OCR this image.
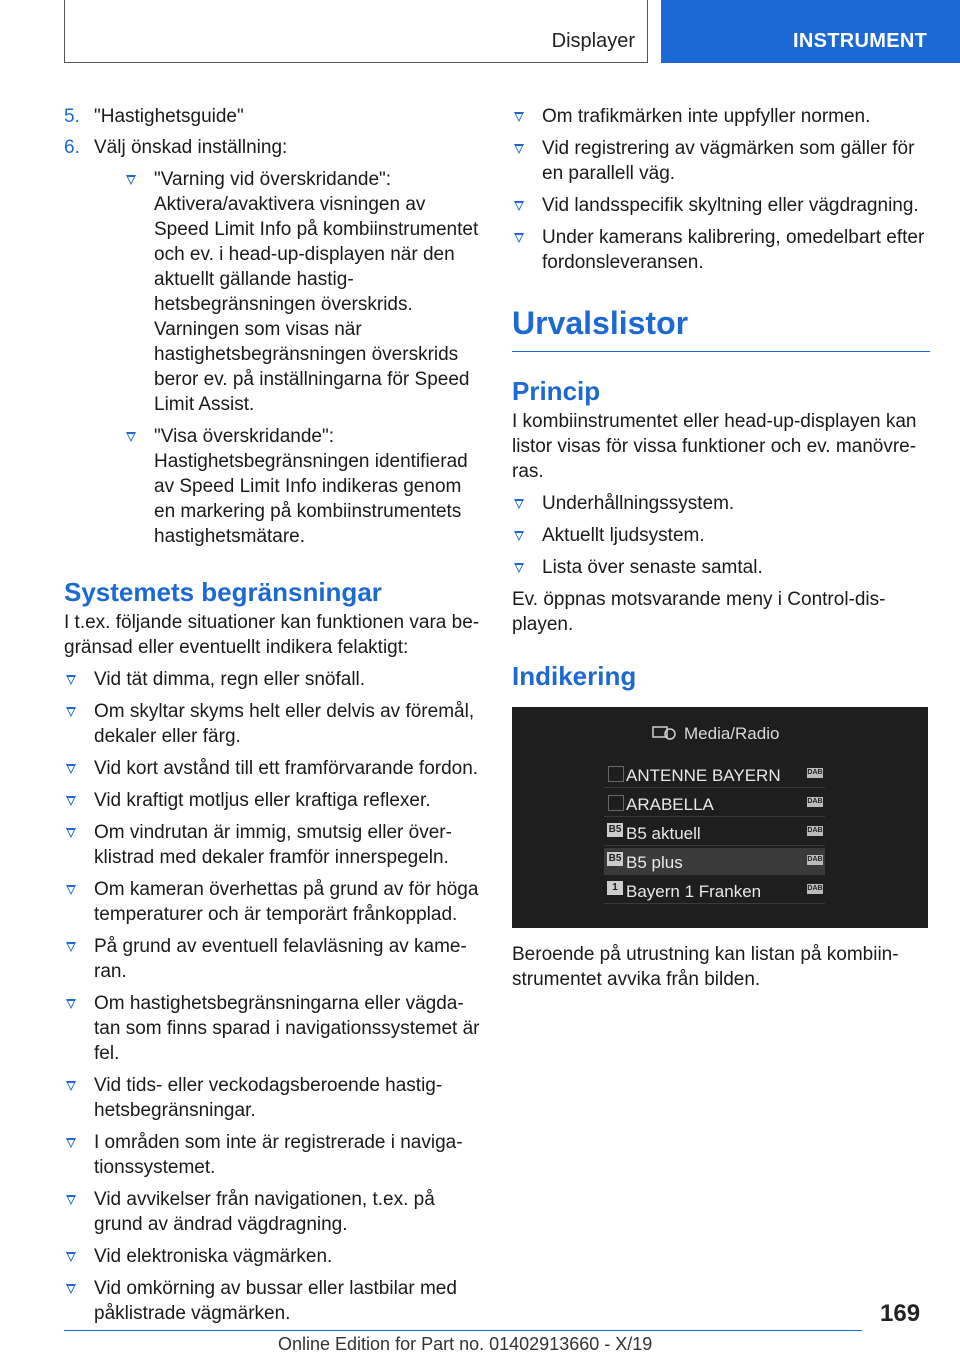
Displayer	INSTRUMENT
5. "Hastighetsguide"
6. Välj önskad inställning:
"Varning vid överskridande": Aktivera/avaktivera visningen av Speed Limit Info på kombiinstrumentet och ev. i head-up-displayen när den aktuellt gällande hastighetsbegränsningen överskrids. Varningen som visas när hastighetsbegränsningen överskrids beror ev. på inställningarna för Speed Limit Assist.
"Visa överskridande": Hastighetsbegränsningen identifierad av Speed Limit Info indikeras genom en markering på kombiinstrumentets hastighetsmätare.
Systemets begränsningar
I t.ex. följande situationer kan funktionen vara begränsad eller eventuellt indikera felaktigt:
Vid tät dimma, regn eller snöfall.
Om skyltar skyms helt eller delvis av föremål, dekaler eller färg.
Vid kort avstånd till ett framförvarande fordon.
Vid kraftigt motljus eller kraftiga reflexer.
Om vindrutan är immig, smutsig eller överklistrad med dekaler framför innerspegeln.
Om kameran överhettas på grund av för höga temperaturer och är temporärt frånkopplad.
På grund av eventuell felavläsning av kameran.
Om hastighetsbegränsningarna eller vägdatan som finns sparad i navigationssystemet är fel.
Vid tids- eller veckodagsberoende hastighetsbegränsningar.
I områden som inte är registrerade i navigationssystemet.
Vid avvikelser från navigationen, t.ex. på grund av ändrad vägdragning.
Vid elektroniska vägmärken.
Vid omkörning av bussar eller lastbilar med påklistrade vägmärken.
Om trafikmärken inte uppfyller normen.
Vid registrering av vägmärken som gäller för en parallell väg.
Vid landsspecifik skyltning eller vägdragning.
Under kamerans kalibrering, omedelbart efter fordonsleveransen.
Urvalslistor
Princip
I kombiinstrumentet eller head-up-displayen kan listor visas för vissa funktioner och ev. manövreras.
Underhållningssystem.
Aktuellt ljudsystem.
Lista över senaste samtal.
Ev. öppnas motsvarande meny i Control-displayen.
Indikering
Media/Radio
ANTENNE BAYERN	DAB
ARABELLA	DAB
B5 B5 aktuell	DAB
B5 B5 plus	DAB
1 Bayern 1 Franken	DAB
Beroende på utrustning kan listan på kombiinstrumentet avvika från bilden.
169
Online Edition for Part no. 01402913660 - X/19
